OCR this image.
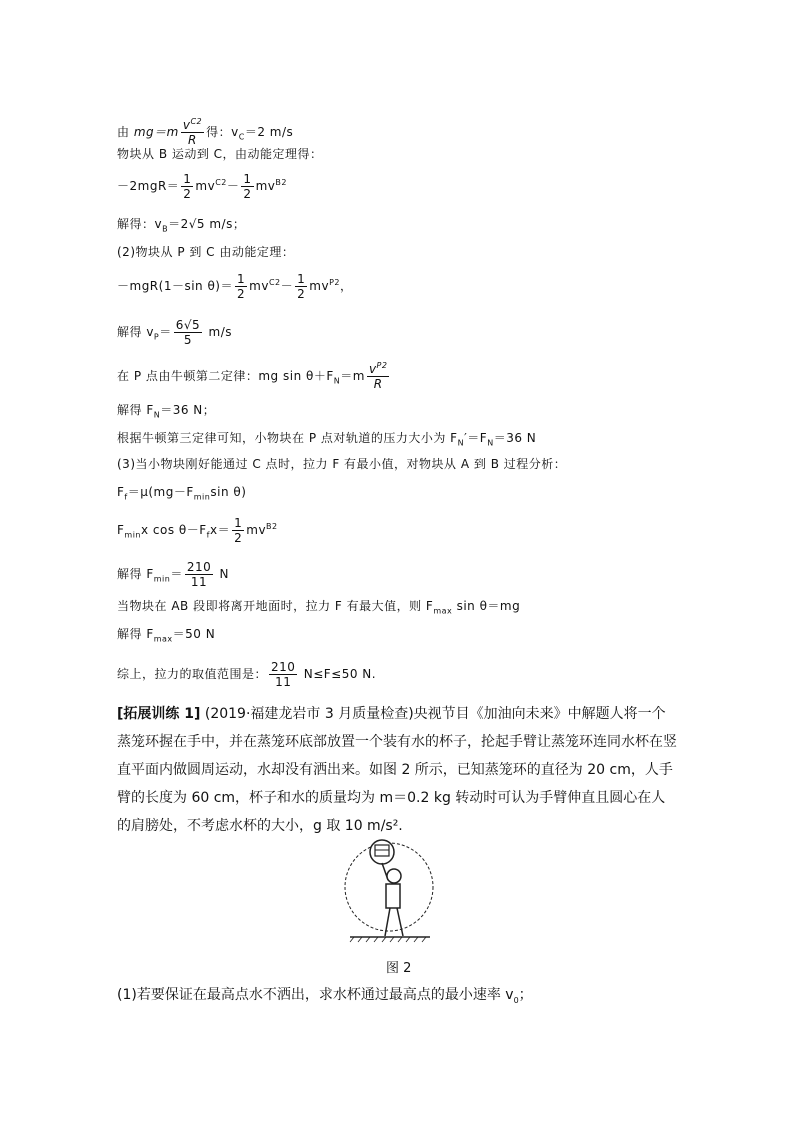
由 $mg=m \frac{v^{C2}}{R}$ 得：$v_C=2$ m/s
物块从 B 运动到 C，由动能定理得：
$-2mgR= \frac{1}{2} mv^{C2}- \frac{1}{2} mv^{B2}$
解得：$v_B=2√5$ m/s；
(2)物块从 P 到 C 由动能定理：
－mgR(1－sin $\theta)= \frac{1}{2} mv^{C2}- \frac{1}{2} mv^{P2}$，
解得 $v_P= \frac{6√5}{5} m/s$
在 P 点由牛顿第二定律：mg $\sin \theta+F_N=m \frac{v^{P2}}{R}$
解得 $F_N=36$ N；
根据牛顿第三定律可知，小物块在 P 点对轨道的压力大小为 $F_N'=F_N=36$ N
(3)当小物块刚好能通过 C 点时，拉力 F 有最小值，对物块从 A 到 B 过程分析：
$F_f=\mu(mg-F_{min}\sin$ θ)
$F_{min}x$ $\cos \theta-F_fx= \frac{1}{2} mv^{B2}$
解得 $F_{min}= \frac{210}{11}$ N
当物块在 AB 段即将离开地面时，拉力 F 有最大值，则 $F_{max}$ sin θ＝mg
解得 $F_{max}=50$ N
综上，拉力的取值范围是： $\frac{210}{11} N\le F\le 50$ N.
[拓展训练 1] (2019·福建龙岩市 3 月质量检查)央视节目《加油向未来》中解题人将一个蒸笼环握在手中，并在蒸笼环底部放置一个装有水的杯子，抡起手臂让蒸笼环连同水杯在竖直平面内做圆周运动，水却没有洒出来。如图 2 所示，已知蒸笼环的直径为 20 cm，人手臂的长度为 60 cm，杯子和水的质量均为 m＝0.2 kg 转动时可认为手臂伸直且圆心在人的肩膀处，不考虑水杯的大小，g 取 10 m/s².
图 2
(1)若要保证在最高点水不洒出，求水杯通过最高点的最小速率 $v_0$；
